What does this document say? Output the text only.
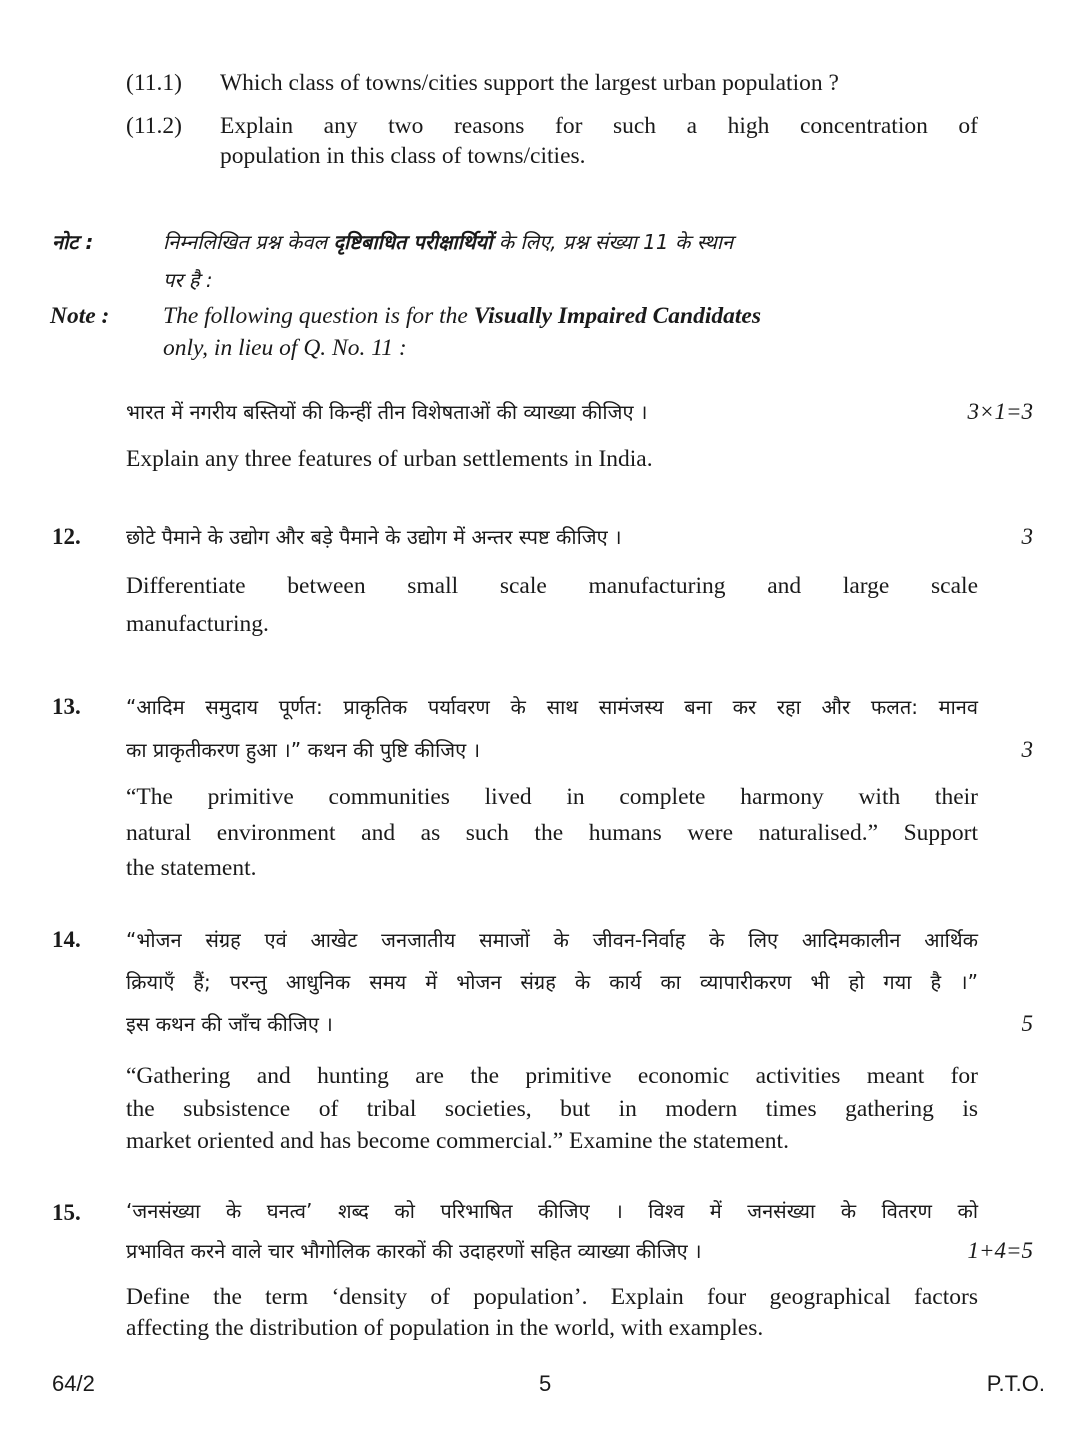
(11.1) Which class of towns/cities support the largest urban population ?
(11.2) Explain any two reasons for such a high concentration of
population in this class of towns/cities.
नोट :	निम्नलिखित प्रश्न केवल दृष्टिबाधित परीक्षार्थियों के लिए, प्रश्न संख्या 11 के स्थान
पर है :
Note : The following question is for the Visually Impaired Candidates
only, in lieu of Q. No. 11 :
भारत में नगरीय बस्तियों की किन्हीं तीन विशेषताओं की व्याख्या कीजिए ।	3×1=3
Explain any three features of urban settlements in India.
12. छोटे पैमाने के उद्योग और बड़े पैमाने के उद्योग में अन्तर स्पष्ट कीजिए ।	3
Differentiate between small scale manufacturing and large scale
manufacturing.
13. “आदिम समुदाय पूर्णत: प्राकृतिक पर्यावरण के साथ सामंजस्य बना कर रहा और फलत: मानव
का प्राकृतीकरण हुआ ।” कथन की पुष्टि कीजिए ।	3
“The primitive communities lived in complete harmony with their
natural environment and as such the humans were naturalised.” Support
the statement.
14. “भोजन संग्रह एवं आखेट जनजातीय समाजों के जीवन-निर्वाह के लिए आदिमकालीन आर्थिक
क्रियाएँ हैं; परन्तु आधुनिक समय में भोजन संग्रह के कार्य का व्यापारीकरण भी हो गया है ।”
इस कथन की जाँच कीजिए ।	5
“Gathering and hunting are the primitive economic activities meant for
the subsistence of tribal societies, but in modern times gathering is
market oriented and has become commercial.” Examine the statement.
15. ‘जनसंख्या के घनत्व’ शब्द को परिभाषित कीजिए । विश्व में जनसंख्या के वितरण को
प्रभावित करने वाले चार भौगोलिक कारकों की उदाहरणों सहित व्याख्या कीजिए ।	1+4=5
Define the term ‘density of population’. Explain four geographical factors
affecting the distribution of population in the world, with examples.
64/2	5	P.T.O.
